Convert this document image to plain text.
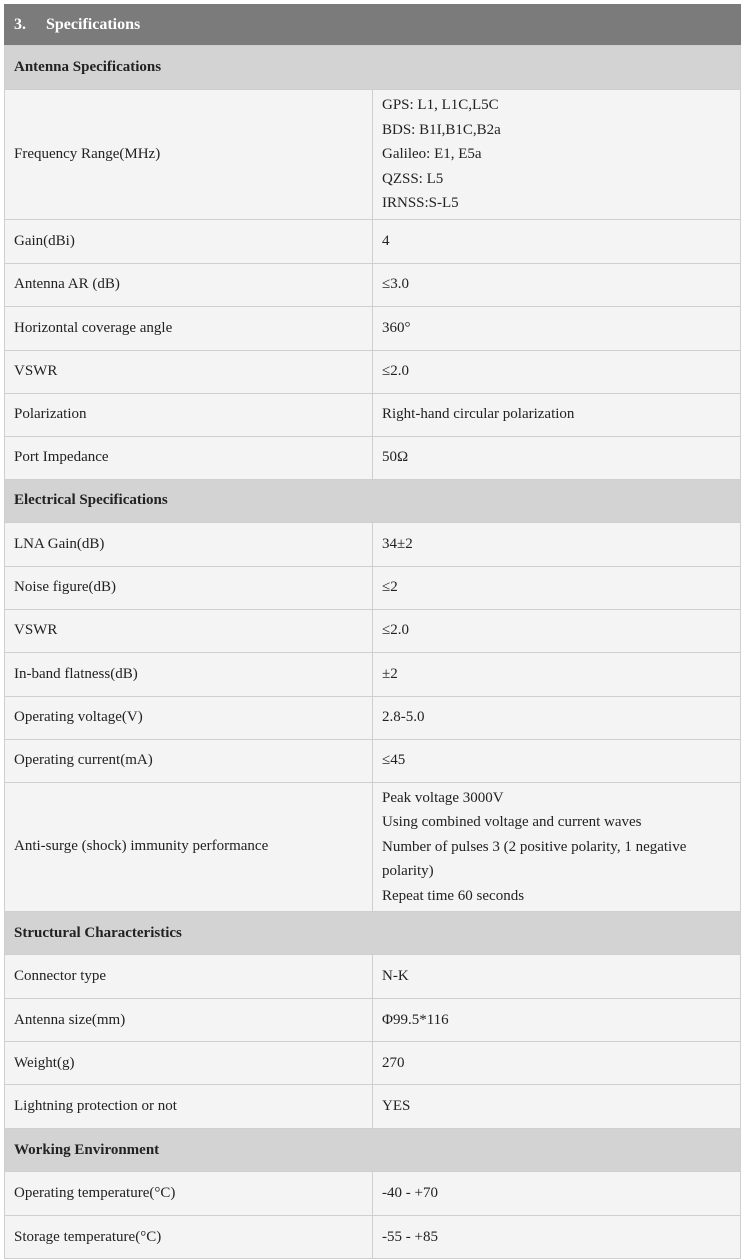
3. Specifications
Antenna Specifications	
Frequency Range(MHz)	GPS: L1, L1C,L5C
BDS: B1I,B1C,B2a
Galileo: E1, E5a
QZSS: L5
IRNSS:S-L5

Gain(dBi)	4
Antenna AR (dB)	≤3.0
Horizontal coverage angle	360°
VSWR	≤2.0
Polarization	Right-hand circular polarization
Port Impedance	50Ω
Electrical Specifications	
LNA Gain(dB)	34±2
Noise figure(dB)	≤2
VSWR	≤2.0
In-band flatness(dB)	±2
Operating voltage(V)	2.8-5.0
Operating current(mA)	≤45
Anti-surge (shock) immunity performance	Peak voltage 3000V
Using combined voltage and current waves
Number of pulses 3 (2 positive polarity, 1 negative polarity)
Repeat time 60 seconds

Structural Characteristics	
Connector type	N-K
Antenna size(mm)	Φ99.5*116
Weight(g)	270
Lightning protection or not	YES
Working Environment	
Operating temperature(°C)	-40 - +70
Storage temperature(°C)	-55 - +85
